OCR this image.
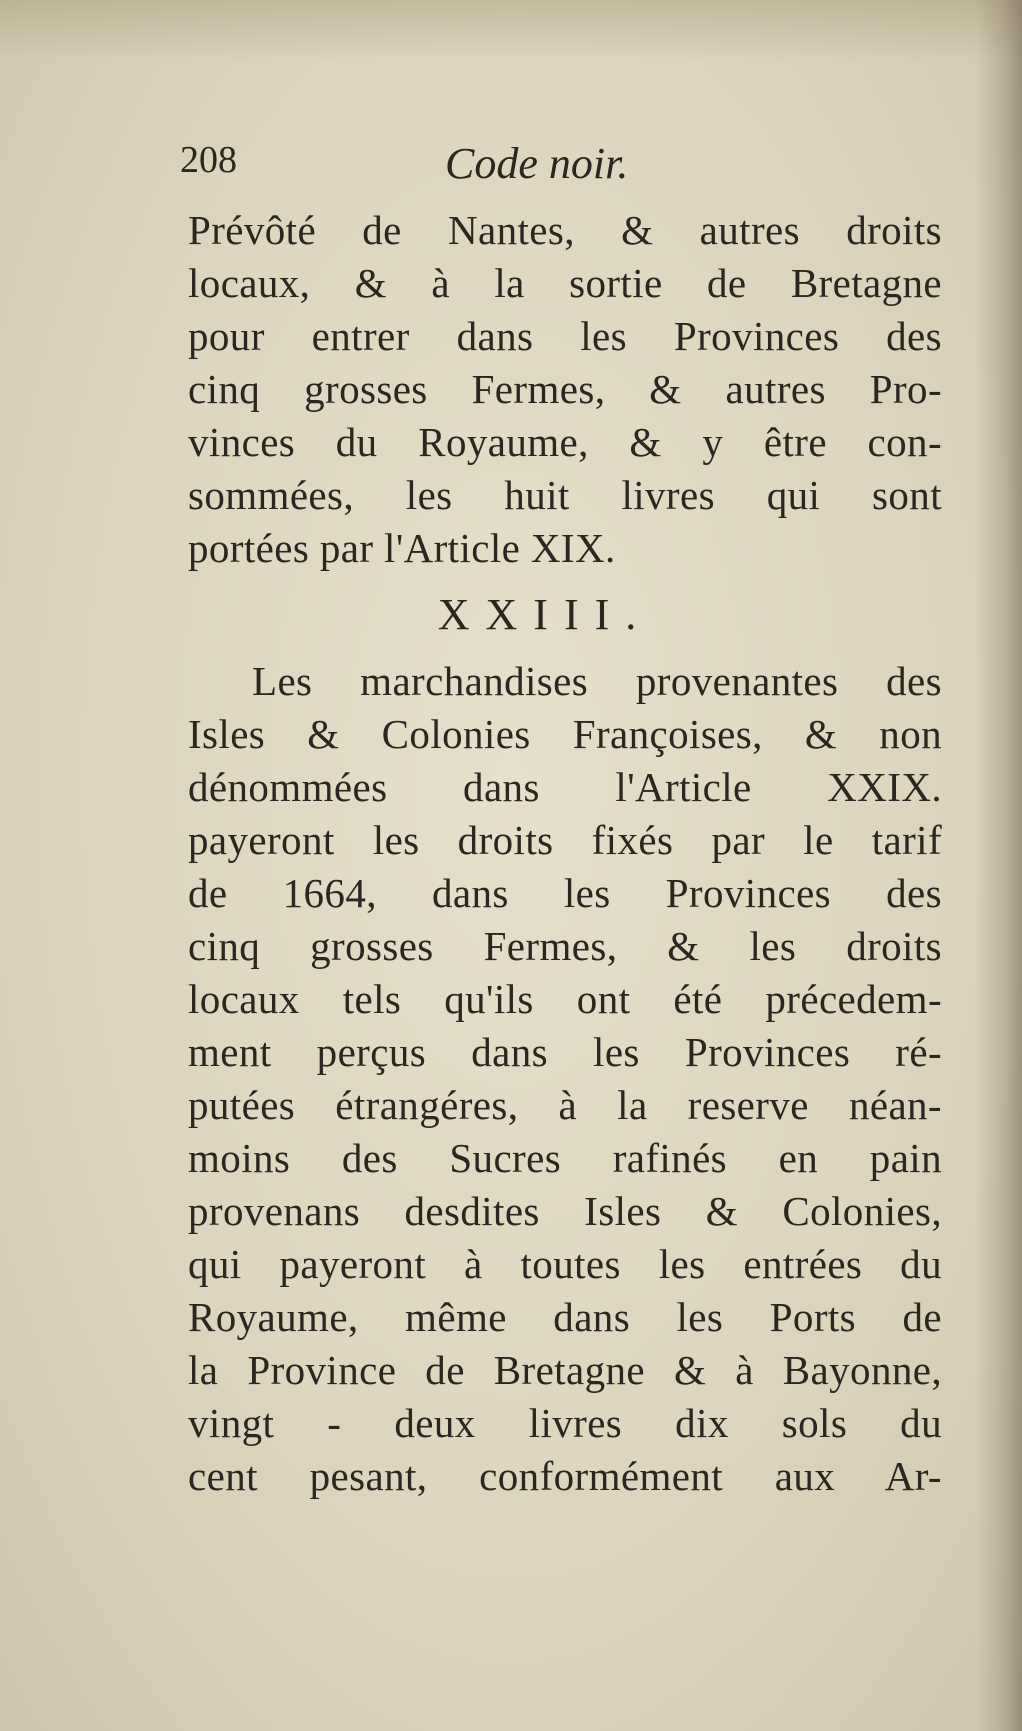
208	Code noir.
Prévôté de Nantes, & autres droits
locaux, & à la sortie de Bretagne
pour entrer dans les Provinces des
cinq grosses Fermes, & autres Pro-
vinces du Royaume, & y être con-
sommées, les huit livres qui sont
portées par l'Article XIX.
XXIII.
Les marchandises provenantes des
Isles & Colonies Françoises, & non
dénommées dans l'Article XXIX.
payeront les droits fixés par le tarif
de 1664, dans les Provinces des
cinq grosses Fermes, & les droits
locaux tels qu'ils ont été précedem-
ment perçus dans les Provinces ré-
putées étrangéres, à la reserve néan-
moins des Sucres rafinés en pain
provenans desdites Isles & Colonies,
qui payeront à toutes les entrées du
Royaume, même dans les Ports de
la Province de Bretagne & à Bayonne,
vingt - deux livres dix sols du
cent pesant, conformément aux Ar-
